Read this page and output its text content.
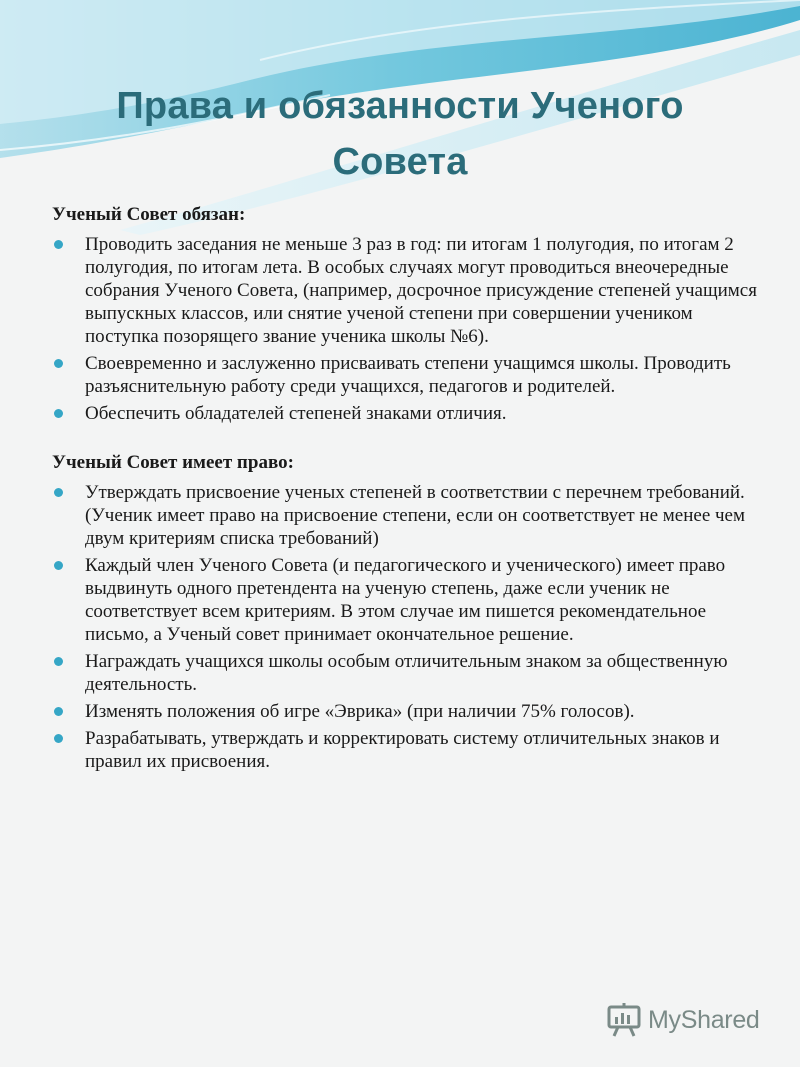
Права и обязанности Ученого
Совета
Ученый Совет обязан:
Проводить заседания не меньше 3 раз в год: пи итогам 1 полугодия, по итогам 2 полугодия, по итогам лета. В особых случаях могут проводиться внеочередные собрания Ученого Совета, (например, досрочное присуждение степеней учащимся выпускных классов, или снятие ученой степени при совершении учеником поступка позорящего звание ученика школы №6).
Своевременно и заслуженно присваивать степени учащимся школы. Проводить разъяснительную работу среди учащихся, педагогов и родителей.
Обеспечить обладателей степеней знаками отличия.
Ученый Совет имеет право:
Утверждать присвоение ученых степеней в соответствии с перечнем требований. (Ученик имеет право на присвоение степени, если он соответствует не менее чем двум критериям списка требований)
Каждый член Ученого Совета (и педагогического и ученического) имеет право выдвинуть одного претендента на ученую степень, даже если ученик не соответствует всем критериям. В этом случае им пишется рекомендательное письмо, а Ученый совет принимает окончательное решение.
Награждать учащихся школы особым отличительным знаком за общественную деятельность.
Изменять положения об игре «Эврика» (при наличии 75% голосов).
Разрабатывать, утверждать и корректировать систему отличительных знаков и правил их присвоения.
MyShared
